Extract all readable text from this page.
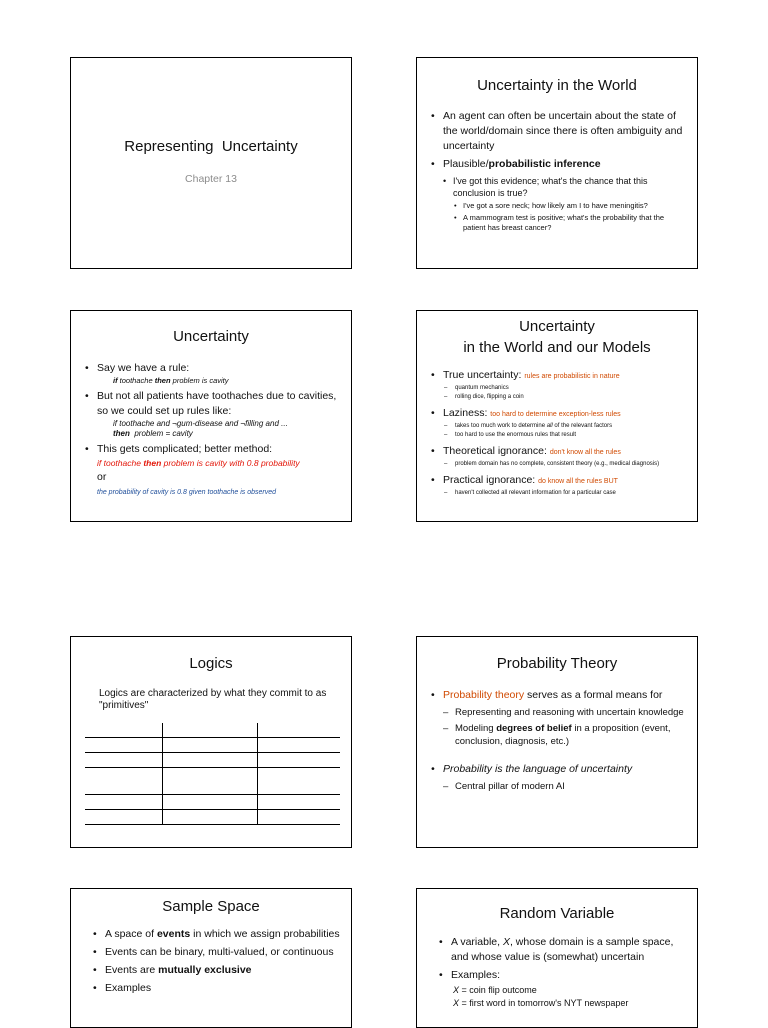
Representing  Uncertainty
Chapter 13
Uncertainty in the World
• An agent can often be uncertain about the state of the world/domain since there is often ambiguity and uncertainty
• Plausible/probabilistic inference
• I've got this evidence; what's the chance that this conclusion is true?
• I've got a sore neck; how likely am I to have meningitis?
• A mammogram test is positive; what's the probability that the patient has breast cancer?
Uncertainty
• Say we have a rule:
if toothache then problem is cavity
• But not all patients have toothaches due to cavities, so we could set up rules like:
if toothache and ¬gum-disease and ¬filling and ...
then  problem = cavity
• This gets complicated; better method:
if toothache then problem is cavity with 0.8 probability
or
the probability of cavity is 0.8 given toothache is observed
Uncertainty
in the World and our Models
• True uncertainty: rules are probabilistic in nature
– quantum mechanics
– rolling dice, flipping a coin
• Laziness: too hard to determine exception-less rules
– takes too much work to determine all of the relevant factors
– too hard to use the enormous rules that result
• Theoretical ignorance: don't know all the rules
– problem domain has no complete, consistent theory (e.g., medical diagnosis)
• Practical ignorance: do know all the rules BUT
– haven't collected all relevant information for a particular case
Logics
Logics are characterized by what they commit to as "primitives"

Probability Theory
• Probability theory serves as a formal means for
– Representing and reasoning with uncertain knowledge
– Modeling degrees of belief in a proposition (event, conclusion, diagnosis, etc.)
• Probability is the language of uncertainty
– Central pillar of modern AI
Sample Space
• A space of events in which we assign probabilities
• Events can be binary, multi-valued, or continuous
• Events are mutually exclusive
• Examples
Random Variable
• A variable, X, whose domain is a sample space, and whose value is (somewhat) uncertain
• Examples:
X = coin flip outcome
X = first word in tomorrow's NYT newspaper
